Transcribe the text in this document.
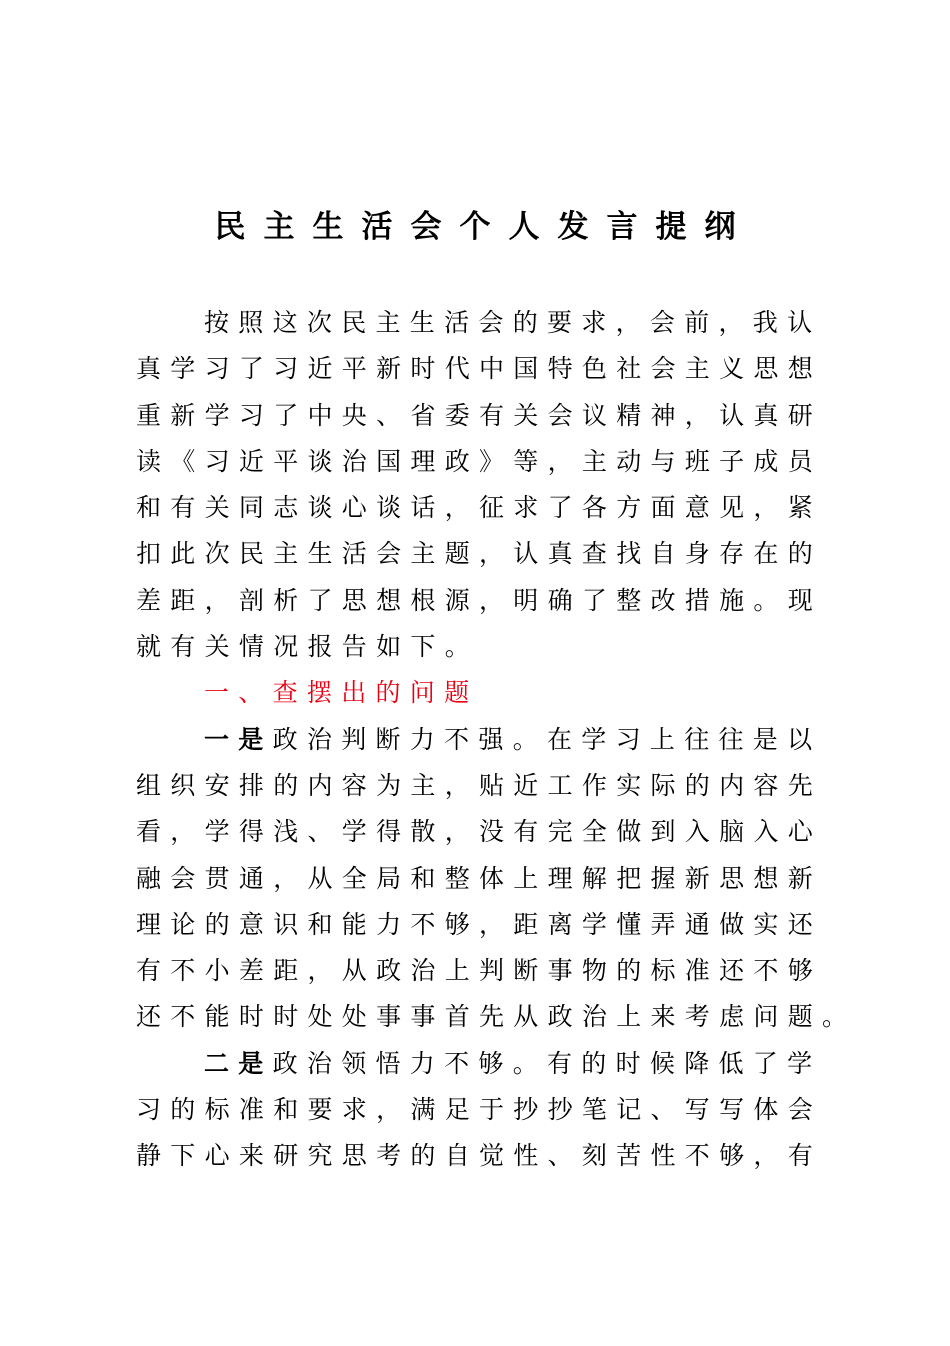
民主生活会个人发言提纲
按照这次民主生活会的要求，会前，我认
真学习了习近平新时代中国特色社会主义思想
重新学习了中央、省委有关会议精神，认真研
读《习近平谈治国理政》等，主动与班子成员
和有关同志谈心谈话，征求了各方面意见，紧
扣此次民主生活会主题，认真查找自身存在的
差距，剖析了思想根源，明确了整改措施。现
就有关情况报告如下。
一、查摆出的问题
一是政治判断力不强。在学习上往往是以
组织安排的内容为主，贴近工作实际的内容先
看，学得浅、学得散，没有完全做到入脑入心
融会贯通，从全局和整体上理解把握新思想新
理论的意识和能力不够，距离学懂弄通做实还
有不小差距，从政治上判断事物的标准还不够
还不能时时处处事事首先从政治上来考虑问题。
二是政治领悟力不够。有的时候降低了学
习的标准和要求，满足于抄抄笔记、写写体会
静下心来研究思考的自觉性、刻苦性不够，有
